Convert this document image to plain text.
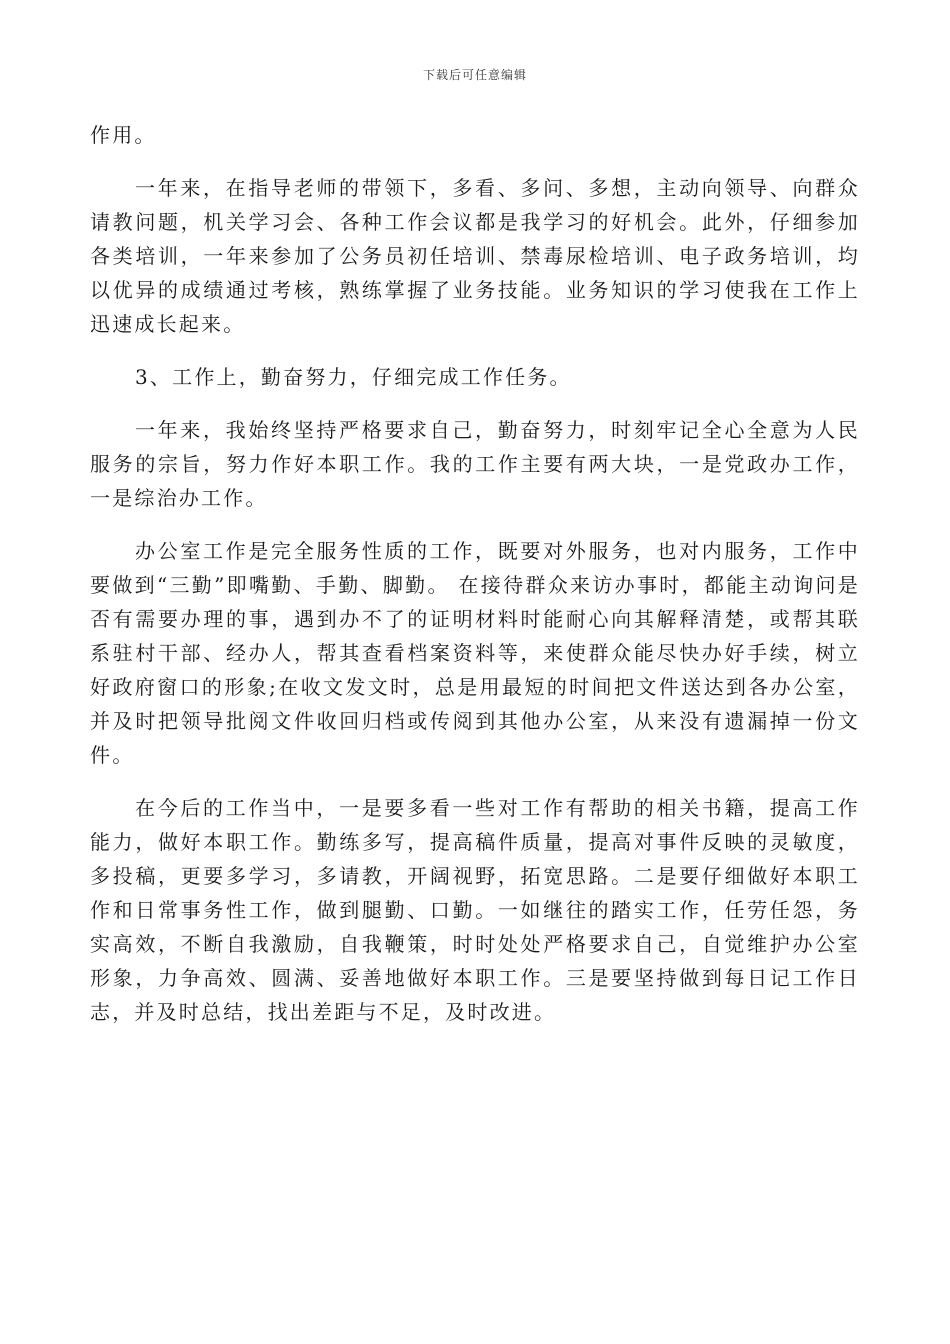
下载后可任意编辑

作用。

一年来，在指导老师的带领下，多看、多问、多想，主动向领导、向群众请教问题，机关学习会、各种工作会议都是我学习的好机会。此外，仔细参加各类培训，一年来参加了公务员初任培训、禁毒尿检培训、电子政务培训，均以优异的成绩通过考核，熟练掌握了业务技能。业务知识的学习使我在工作上迅速成长起来。

3、工作上，勤奋努力，仔细完成工作任务。

一年来，我始终坚持严格要求自己，勤奋努力，时刻牢记全心全意为人民服务的宗旨，努力作好本职工作。我的工作主要有两大块，一是党政办工作，一是综治办工作。

办公室工作是完全服务性质的工作，既要对外服务，也对内服务，工作中要做到“三勤”即嘴勤、手勤、脚勤。 在接待群众来访办事时，都能主动询问是否有需要办理的事，遇到办不了的证明材料时能耐心向其解释清楚，或帮其联系驻村干部、经办人，帮其查看档案资料等，来使群众能尽快办好手续，树立好政府窗口的形象;在收文发文时，总是用最短的时间把文件送达到各办公室，并及时把领导批阅文件收回归档或传阅到其他办公室，从来没有遗漏掉一份文件。

在今后的工作当中，一是要多看一些对工作有帮助的相关书籍，提高工作能力，做好本职工作。勤练多写，提高稿件质量，提高对事件反映的灵敏度，多投稿，更要多学习，多请教，开阔视野，拓宽思路。二是要仔细做好本职工作和日常事务性工作，做到腿勤、口勤。一如继往的踏实工作，任劳任怨，务实高效，不断自我激励，自我鞭策，时时处处严格要求自己，自觉维护办公室形象，力争高效、圆满、妥善地做好本职工作。三是要坚持做到每日记工作日志，并及时总结，找出差距与不足，及时改进。
